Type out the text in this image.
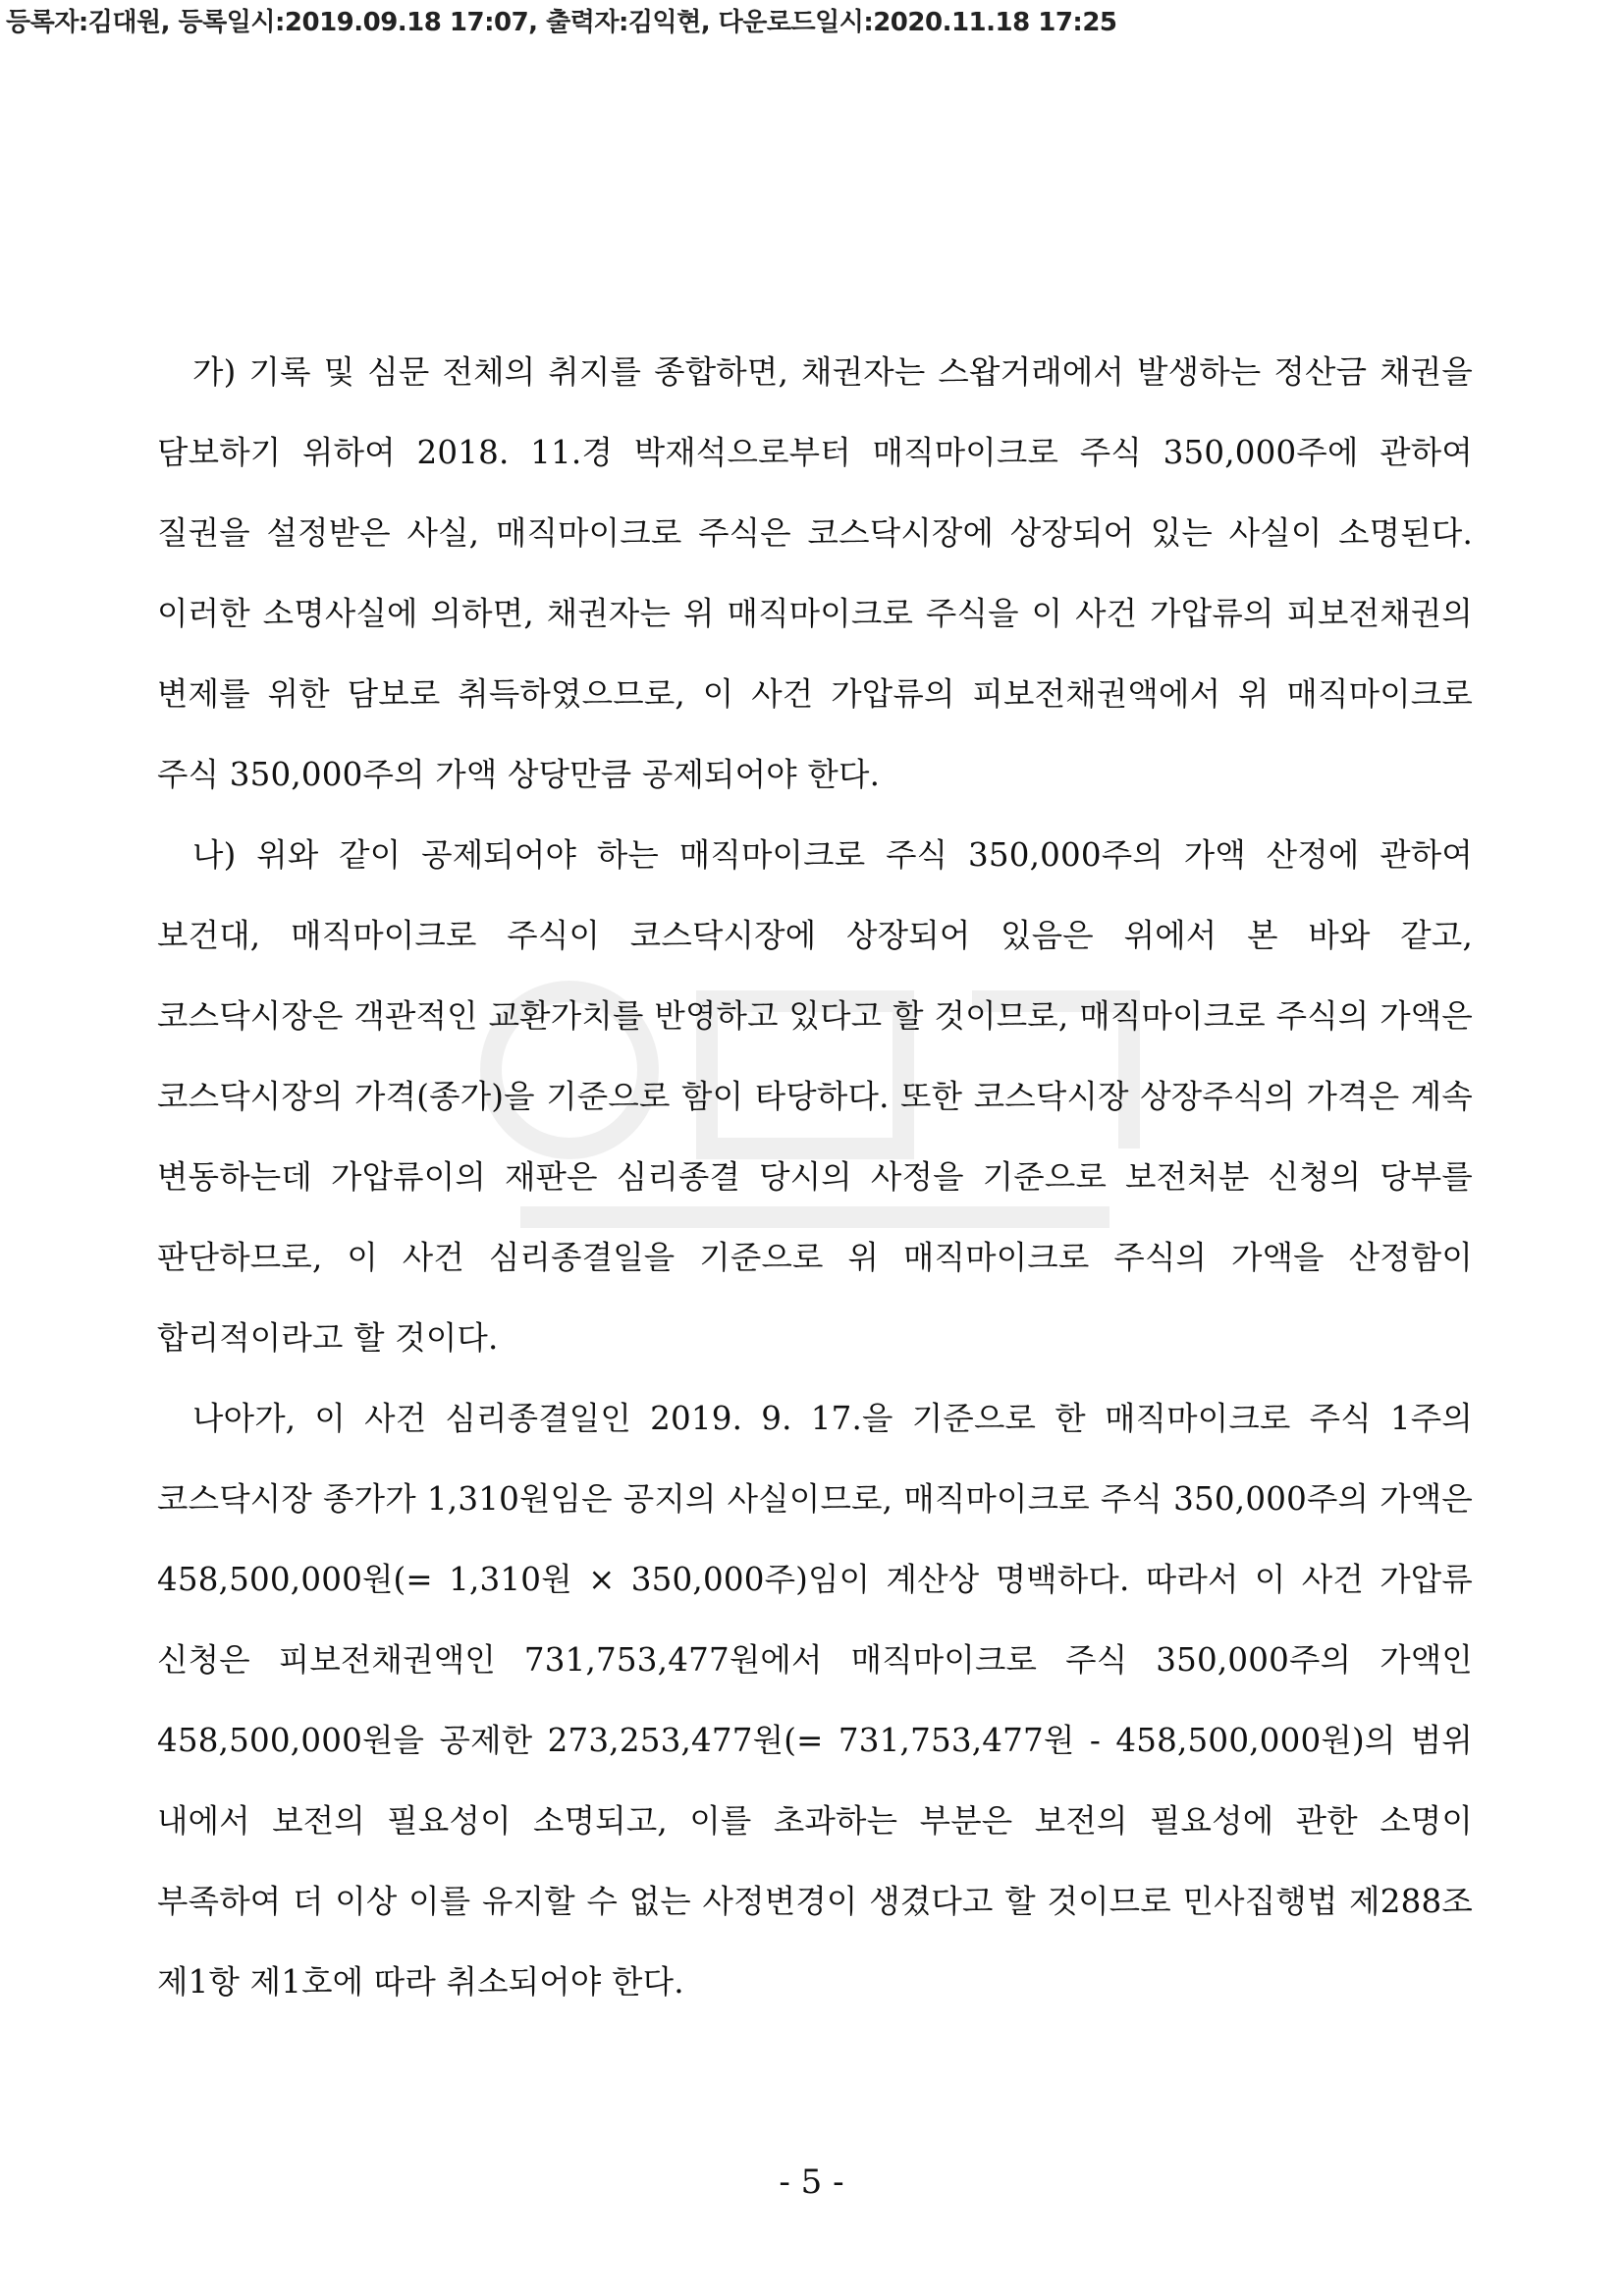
등록자:김대원, 등록일시:2019.09.18 17:07, 출력자:김익현, 다운로드일시:2020.11.18 17:25

가) 기록 및 심문 전체의 취지를 종합하면, 채권자는 스왑거래에서 발생하는 정산금 채권을 담보하기 위하여 2018. 11.경 박재석으로부터 매직마이크로 주식 350,000주에 관하여 질권을 설정받은 사실, 매직마이크로 주식은 코스닥시장에 상장되어 있는 사실이 소명된다. 이러한 소명사실에 의하면, 채권자는 위 매직마이크로 주식을 이 사건 가압류의 피보전채권의 변제를 위한 담보로 취득하였으므로, 이 사건 가압류의 피보전채권액에서 위 매직마이크로 주식 350,000주의 가액 상당만큼 공제되어야 한다.

나) 위와 같이 공제되어야 하는 매직마이크로 주식 350,000주의 가액 산정에 관하여 보건대, 매직마이크로 주식이 코스닥시장에 상장되어 있음은 위에서 본 바와 같고, 코스닥시장은 객관적인 교환가치를 반영하고 있다고 할 것이므로, 매직마이크로 주식의 가액은 코스닥시장의 가격(종가)을 기준으로 함이 타당하다. 또한 코스닥시장 상장주식의 가격은 계속 변동하는데 가압류이의 재판은 심리종결 당시의 사정을 기준으로 보전처분 신청의 당부를 판단하므로, 이 사건 심리종결일을 기준으로 위 매직마이크로 주식의 가액을 산정함이 합리적이라고 할 것이다.

나아가, 이 사건 심리종결일인 2019. 9. 17.을 기준으로 한 매직마이크로 주식 1주의 코스닥시장 종가가 1,310원임은 공지의 사실이므로, 매직마이크로 주식 350,000주의 가액은 458,500,000원(= 1,310원 × 350,000주)임이 계산상 명백하다. 따라서 이 사건 가압류 신청은 피보전채권액인 731,753,477원에서 매직마이크로 주식 350,000주의 가액인 458,500,000원을 공제한 273,253,477원(= 731,753,477원 - 458,500,000원)의 범위 내에서 보전의 필요성이 소명되고, 이를 초과하는 부분은 보전의 필요성에 관한 소명이 부족하여 더 이상 이를 유지할 수 없는 사정변경이 생겼다고 할 것이므로 민사집행법 제288조 제1항 제1호에 따라 취소되어야 한다.

- 5 -
